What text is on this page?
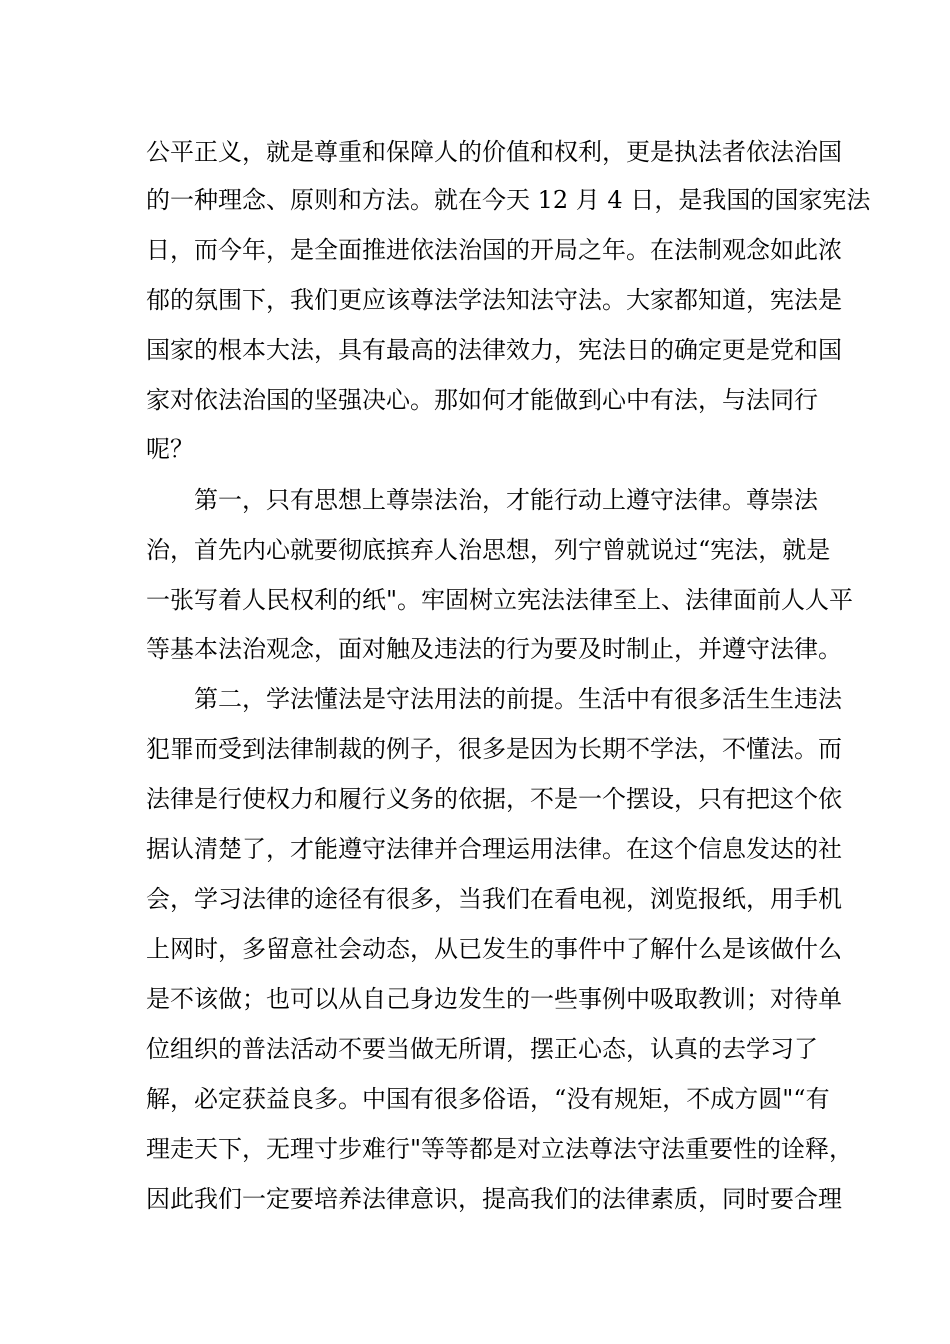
公平正义，就是尊重和保障人的价值和权利，更是执法者依法治国
的一种理念、原则和方法。就在今天 12 月 4 日，是我国的国家宪法
日，而今年，是全面推进依法治国的开局之年。在法制观念如此浓
郁的氛围下，我们更应该尊法学法知法守法。大家都知道，宪法是
国家的根本大法，具有最高的法律效力，宪法日的确定更是党和国
家对依法治国的坚强决心。那如何才能做到心中有法，与法同行
呢？
第一，只有思想上尊崇法治，才能行动上遵守法律。尊崇法
治，首先内心就要彻底摈弃人治思想，列宁曾就说过“宪法，就是
一张写着人民权利的纸"。牢固树立宪法法律至上、法律面前人人平
等基本法治观念，面对触及违法的行为要及时制止，并遵守法律。
第二，学法懂法是守法用法的前提。生活中有很多活生生违法
犯罪而受到法律制裁的例子，很多是因为长期不学法，不懂法。而
法律是行使权力和履行义务的依据，不是一个摆设，只有把这个依
据认清楚了，才能遵守法律并合理运用法律。在这个信息发达的社
会，学习法律的途径有很多，当我们在看电视，浏览报纸，用手机
上网时，多留意社会动态，从已发生的事件中了解什么是该做什么
是不该做；也可以从自己身边发生的一些事例中吸取教训；对待单
位组织的普法活动不要当做无所谓，摆正心态，认真的去学习了
解，必定获益良多。中国有很多俗语，“没有规矩，不成方圆"“有
理走天下，无理寸步难行"等等都是对立法尊法守法重要性的诠释，
因此我们一定要培养法律意识，提高我们的法律素质，同时要合理
